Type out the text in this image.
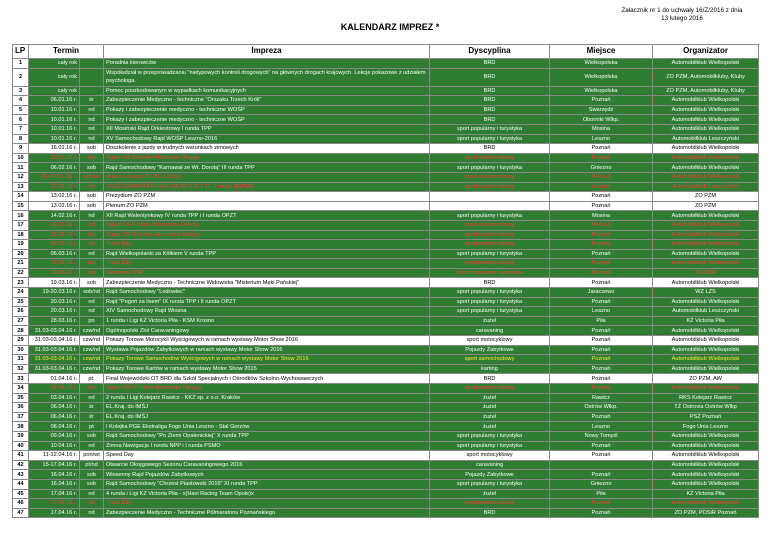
Załacznik nr 1 do uchwały 16/Z/2016 z dnia 13 lutego 2016
KALENDARZ IMPREZ *
LP	Termin		Impreza	Dyscyplina	Miejsce	Organizator
1	cały rok		Poradnia kierowców	BRD	Wielkopolska	Automobilklub Wielkopolski
2	cały rok		Współudział w przeprowadzaniu "nietypowych kontroli drogowych" na głównych drogach krajowych. Lekcje pokazowe z udziałem psychologa.	BRD	Wielkopolska	ZO PZM, Automobilkluby, Kluby
3	cały rok		Pomoc poszkodowanym w wypadkach komunikacyjnych	BRD	Wielkopolska	ZO PZM, Automobilkluby, Kluby
4	06.01.16 r.	śr	Zabezpieczenie Medyczno - techniczne "Orszaku Trzech Króli"	BRD	Poznań	Automobilklub Wielkopolski
5	10.01.16 r.	nd	Pokazy i zabezpieczenie medyczno - techniczne WOŚP	BRD	Swarzędz	Automobilklub Wielkopolski
6	10.01.16 r.	nd	Pokazy i zabezpieczenie medyczno - techniczne WOŚP	BRD	Oborniki Wlkp.	Automobilklub Wielkopolski
7	10.01.16 r.	nd	XII Mosiński Rajd Orkiestrowy I runda TPP	sport popularny i turystyka	Mosina	Automobilklub Wielkopolski
8	10.01.16 r.	nd	XV Samochodowy Rajd WOŚP Leszno-2016	sport popularny i turystyka	Leszno	Automobilklub Leszczyński
9	16.01.16 r.	sob	Doszkolenie z jazdy w trudnych warunkach zimowych	BRD	Poznań	Automobilklub Wielkopolski
10	30.01.16 r.	sob	Super OS Zimowy Mistrzostw Okręgu	sport samochodowy	Poznań	Automobilklub Wielkopolski
11	06.02.16 r.	sob	Rajd Samochodowy "Karnawał ze Wt. Dorotą" III runda TPP	sport popularny i turystyka	Gniezno	Automobilklub Wielkopolski
12	06-07.02. 16 r.	sob/nd	Auto na śniegu BC BC Leszno	sport samochodowy	Poznań	Automobilklub Wielkopolski
13	07.02.16 r.	nd	XXXIII SAMOCHODOWY RAJD "F E T Y" - I runda RSPMS	sport samochodowy	Leszno	Automobilklub Leszczyński
14	13.02.16 r.	sob	Prezydium ZO PZM		Poznań	ZO PZM
15	13.02.16 r.	sob	Plenum ZO PZM		Poznań	ZO PZM
16	14.02.16 r.	nd	XII Rajd Walentynkowy IV runda TPP i I runda OPZT	sport popularny i turystyka	Mosina	Automobilklub Wielkopolski
17	20.02.16 r.	sob	Super OS II runda Mistrzostw Okręgu	sport samochodowy	Poznań	Automobilklub Wielkopolski
18	05.03.16 r.	sob	Super OS III runda Mistrzostw Okręgu	sport samochodowy	Poznań	Automobilklub Wielkopolski
19	06.03.16 r.	nd	Track Day	sport samochodowy	Poznań	Automobilklub Wielkopolski
20	06.03.16 r.	nd	Rajd Wielkopolanki za Kółkiem V runda TPP	sport popularny i turystyka	Poznań	Automobilklub Wielkopolski
21	19.03.16 r.	sob	Track Day	sport samochodowy	Poznań	Automobilklub Wielkopolski
22	19.03.16 r.	sob	Szkolenia OSP	sport popularny i turystyka	Poznań	ZO PZM
23	19.03.16 r.	sob	Zabezpieczenie Medyczno - Techniczne Widowiska "Misterium Męki Pańskiej"	BRD	Poznań	Automobilklub Wielkopolski
24	19-20.03.16 r.	sob/nd	Rajd Samochodowy "Lodowiec"	sport popularny i turystyka	Jaraczewo	WZ LZS
25	20.03.16 r.	nd	Rajd "Pogoń za lisem" IX runda TPP i II runda OPZT	sport popularny i turystyka	Poznań	Automobilklub Wielkopolski
26	20.03.16 r.	nd	XIV Samochodowy Rajd Wiosna	sport popularny i turystyka	Leszno	Automobilklub Leszczyński
27	28.03.16 r.	pn	1 runda i Ligi KZ Victoria Piła - KSM Krosno	żużel	Piła	KŻ Victoria Piła
28	31.03-03.04.16 r.	czw/nd	Ogólnopolski Zlot Caravaningowy	caravaning	Poznań	Automobilklub Wielkopolski
29	31.03-03.04.16 r.	czw/nd	Pokazy Torowe Motocykli Wyścigowych w ramach wystawy Motor Show 2016	sport motocyklowy	Poznań	Automobilklub Wielkopolski
30	31.03-03.04.16 r.	czw/nd	Wystawa Pojazdów Zabytkowych w ramach wystawy Motor Show 2016	Pojazdy Zabytkowe	Poznań	Automobilklub Wielkopolski
31	31.03-03.04.16 r.	czw/nd	Pokazy Torowe Samochodów Wyścigowych w ramach wystawy Motor Show 2016	sport samochodowy	Poznań	Automobilklub Wielkopolski
32	31.03-03.04.16 r.	czw/nd	Pokazy Torowe Kartów w ramach wystawy Motor Show 2015	karting	Poznań	Automobilklub Wielkopolski
33	01.04.16 r.	pt.	Finał Wojewódzki OT BRD dla Szkół Specjalnych i Ośrodków Szkolno-Wychowawczych	BRD	Poznań	ZO PZM, AW
34	02.04.16 r.	sob	Super OS IV runda Mistrzostw Okręgu	sport samochodowy	Poznań	Automobilklub Wielkopolski
35	03.04.16 r.	nd	2 runda I Ligi Kolejarz Rawicz - KKZ sp. z o.o. Kraków	żużel	Rawicz	RKS Kolejarz Rawicz
36	06.04.16 r.	śr	EL.Kraj. do IMŚJ	żużel	Ostrów Wlkp.	TŻ Ostrovia Ostrów Wlkp
37	06.04.16 r.	śr	EL.Kraj. do IMŚJ	żużel	Poznań	PSŻ Poznań
38	08.04.16 r.	pt	I Kolejka PGE Ekstraliga Fogo Unia Leszno - Stal Gorzów	żużel	Leszno	Fogo Unia Leszno
39	09.04.16 r.	sob	Rajd Samochodowy "Po Ziemi Opałenickiej" X runda TPP	sport popularny i turystyka	Nowy Tomyśl	Automobilklub Wielkopolski
40	10.04.16 r.	nd	Zimna Nawigacja I runda NPP i I runda PSMO	sport popularny i turystyka	Poznań	Automobilklub Wielkopolski
41	11-12.04.16 r.	pon/wt	Speed Day	sport motocyklowy	Poznań	Automobilklub Wielkopolski
42	15-17.04.16 r.	pt/nd	Otwarcie Okręgowego Sezonu Caravaningowego 2016	caravaning		Automobilklub Wielkopolski
43	16.04.16 r.	sob	Wiosenny Rajd Pojazdów Zabytkowych	Pojazdy Zabytkowe	Poznań	Automobilklub Wielkopolski
44	16.04.16 r.	sob	Rajd Samochodowy "Chrzest Piastowski 2016" XI runda TPP	sport popularny i turystyka	Gniezno	Automobilklub Wielkopolski
45	17.04.16 r.	nd	4 runda i Ligi KZ Victoria Piła - x(Havi Racing Team Opole)x	żużel	Piła	KŻ Victoria Piła
46	17.04.16 r.	nd	Track Day	sport samochodowy	Poznań	Automobilklub Wielkopolski
47	17.04.16 r.	nd	Zabezpieczenie Medyczno - Techniczne Półmaratonu Poznańskiego	BRD	Poznań	ZO PZM, POSiR Poznań
